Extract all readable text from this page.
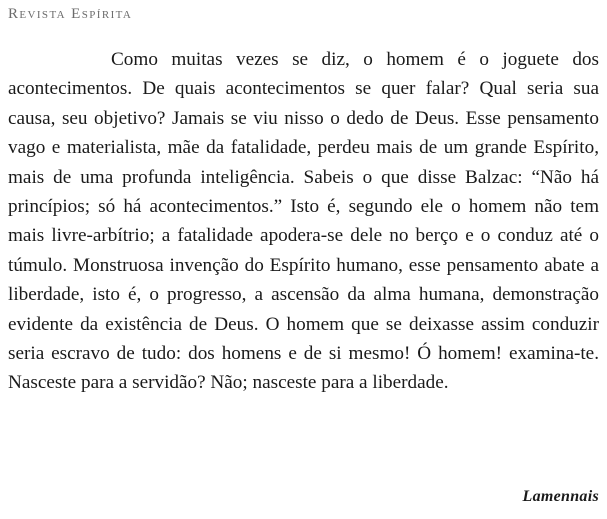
Revista Espírita

Como muitas vezes se diz, o homem é o joguete dos acontecimentos. De quais acontecimentos se quer falar? Qual seria sua causa, seu objetivo? Jamais se viu nisso o dedo de Deus. Esse pensamento vago e materialista, mãe da fatalidade, perdeu mais de um grande Espírito, mais de uma profunda inteligência. Sabeis o que disse Balzac: “Não há princípios; só há acontecimentos.” Isto é, segundo ele o homem não tem mais livre-arbítrio; a fatalidade apodera-se dele no berço e o conduz até o túmulo. Monstruosa invenção do Espírito humano, esse pensamento abate a liberdade, isto é, o progresso, a ascensão da alma humana, demonstração evidente da existência de Deus. O homem que se deixasse assim conduzir seria escravo de tudo: dos homens e de si mesmo! Ó homem! examina-te. Nasceste para a servidão? Não; nasceste para a liberdade.

Lamennais
